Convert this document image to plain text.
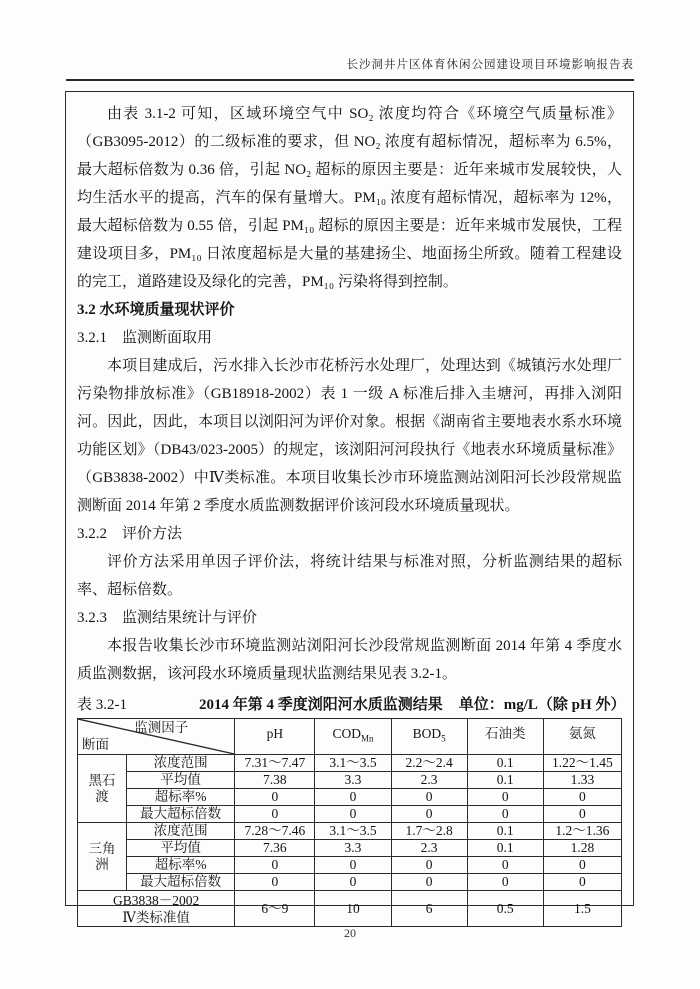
长沙洞井片区体育休闲公园建设项目环境影响报告表

由表 3.1-2 可知，区域环境空气中 SO₂ 浓度均符合《环境空气质量标准》（GB3095-2012）的二级标准的要求，但 NO₂ 浓度有超标情况，超标率为 6.5%，最大超标倍数为 0.36 倍，引起 NO₂ 超标的原因主要是：近年来城市发展较快，人均生活水平的提高，汽车的保有量增大。PM₁₀ 浓度有超标情况，超标率为 12%，最大超标倍数为 0.55 倍，引起 PM₁₀ 超标的原因主要是：近年来城市发展快，工程建设项目多，PM₁₀ 日浓度超标是大量的基建扬尘、地面扬尘所致。随着工程建设的完工，道路建设及绿化的完善，PM₁₀ 污染将得到控制。

3.2 水环境质量现状评价
3.2.1　监测断面取用

本项目建成后，污水排入长沙市花桥污水处理厂，处理达到《城镇污水处理厂污染物排放标准》（GB18918-2002）表 1 一级 A 标准后排入圭塘河，再排入浏阳河。因此，因此，本项目以浏阳河为评价对象。根据《湖南省主要地表水系水环境功能区划》（DB43/023-2005）的规定，该浏阳河河段执行《地表水环境质量标准》（GB3838-2002）中Ⅳ类标准。本项目收集长沙市环境监测站浏阳河长沙段常规监测断面 2014 年第 2 季度水质监测数据评价该河段水环境质量现状。

3.2.2　评价方法

评价方法采用单因子评价法，将统计结果与标准对照，分析监测结果的超标率、超标倍数。

3.2.3　监测结果统计与评价

本报告收集长沙市环境监测站浏阳河长沙段常规监测断面 2014 年第 4 季度水质监测数据，该河段水环境质量现状监测结果见表 3.2-1。

表 3.2-1	2014 年第 4 季度浏阳河水质监测结果 单位：mg/L（除 pH 外）
监测因子
断面		pH	$COD_{Mn}$	$BOD_5$	石油类	氨氮
黑石渡	浓度范围	7.31～7.47	3.1～3.5	2.2～2.4	0.1	1.22～1.45
	平均值	7.38	3.3	2.3	0.1	1.33
	超标率%	0	0	0	0	0
	最大超标倍数	0	0	0	0	0
三角洲	浓度范围	7.28～7.46	3.1～3.5	1.7～2.8	0.1	1.2～1.36
	平均值	7.36	3.3	2.3	0.1	1.28
	超标率%	0	0	0	0	0
	最大超标倍数	0	0	0	0	0

GB3838－2002
Ⅳ类标准值		6～9	10	6	0.5	1.5
20
